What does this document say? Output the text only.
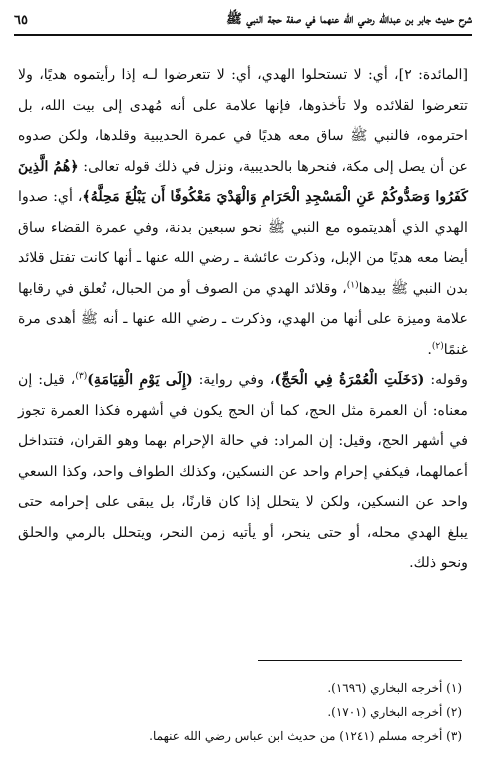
شرح حديث جابر بن عبدالله رضي الله عنهما في صفة حجة النبي ﷺ
٦٥

[المائدة: ٢]، أي: لا تستحلوا الهدي، أي: لا تتعرضوا لـه إذا رأيتموه هديًا، ولا تتعرضوا لقلائده ولا تأخذوها، فإنها علامة على أنه مُهدى إلى بيت الله، بل احترموه، فالنبي ﷺ ساق معه هديًا في عمرة الحديبية وقلدها، ولكن صدوه عن أن يصل إلى مكة، فنحرها بالحديبية، ونزل في ذلك قوله تعالى: ﴿هُمُ الَّذِينَ كَفَرُوا وَصَدُّوكُمْ عَنِ الْمَسْجِدِ الْحَرَامِ وَالْهَدْيَ مَعْكُوفًا أَن يَبْلُغَ مَحِلَّهُ﴾، أي: صدوا الهدي الذي أهديتموه مع النبي ﷺ نحو سبعين بدنة، وفي عمرة القضاء ساق أيضا معه هديًا من الإبل، وذكرت عائشة ـ رضي الله عنها ـ أنها كانت تفتل قلائد بدن النبي ﷺ بيدها$^{(١)}$، وقلائد الهدي من الصوف أو من الحبال، تُعلق في رقابها علامة وميزة على أنها من الهدي، وذكرت ـ رضي الله عنها ـ أنه ﷺ أهدى مرة غنمًا$^{(٢)}$.

وقوله: (دَخَلَتِ الْعُمْرَةُ فِي الْحَجِّ)، وفي رواية: (إِلَى يَوْمِ الْقِيَامَةِ)$^{(٣)}$، قيل: إن معناه: أن العمرة مثل الحج، كما أن الحج يكون في أشهره فكذا العمرة تجوز في أشهر الحج، وقيل: إن المراد: في حالة الإحرام بهما وهو القران، فتتداخل أعمالهما، فيكفي إحرام واحد عن النسكين، وكذلك الطواف واحد، وكذا السعي واحد عن النسكين، ولكن لا يتحلل إذا كان قارنًا، بل يبقى على إحرامه حتى يبلغ الهدي محله، أو حتى ينحر، أو يأتيه زمن النحر، ويتحلل بالرمي والحلق ونحو ذلك.

(١) أخرجه البخاري (١٦٩٦).
(٢) أخرجه البخاري (١٧٠١).
(٣) أخرجه مسلم (١٢٤١) من حديث ابن عباس رضي الله عنهما.
